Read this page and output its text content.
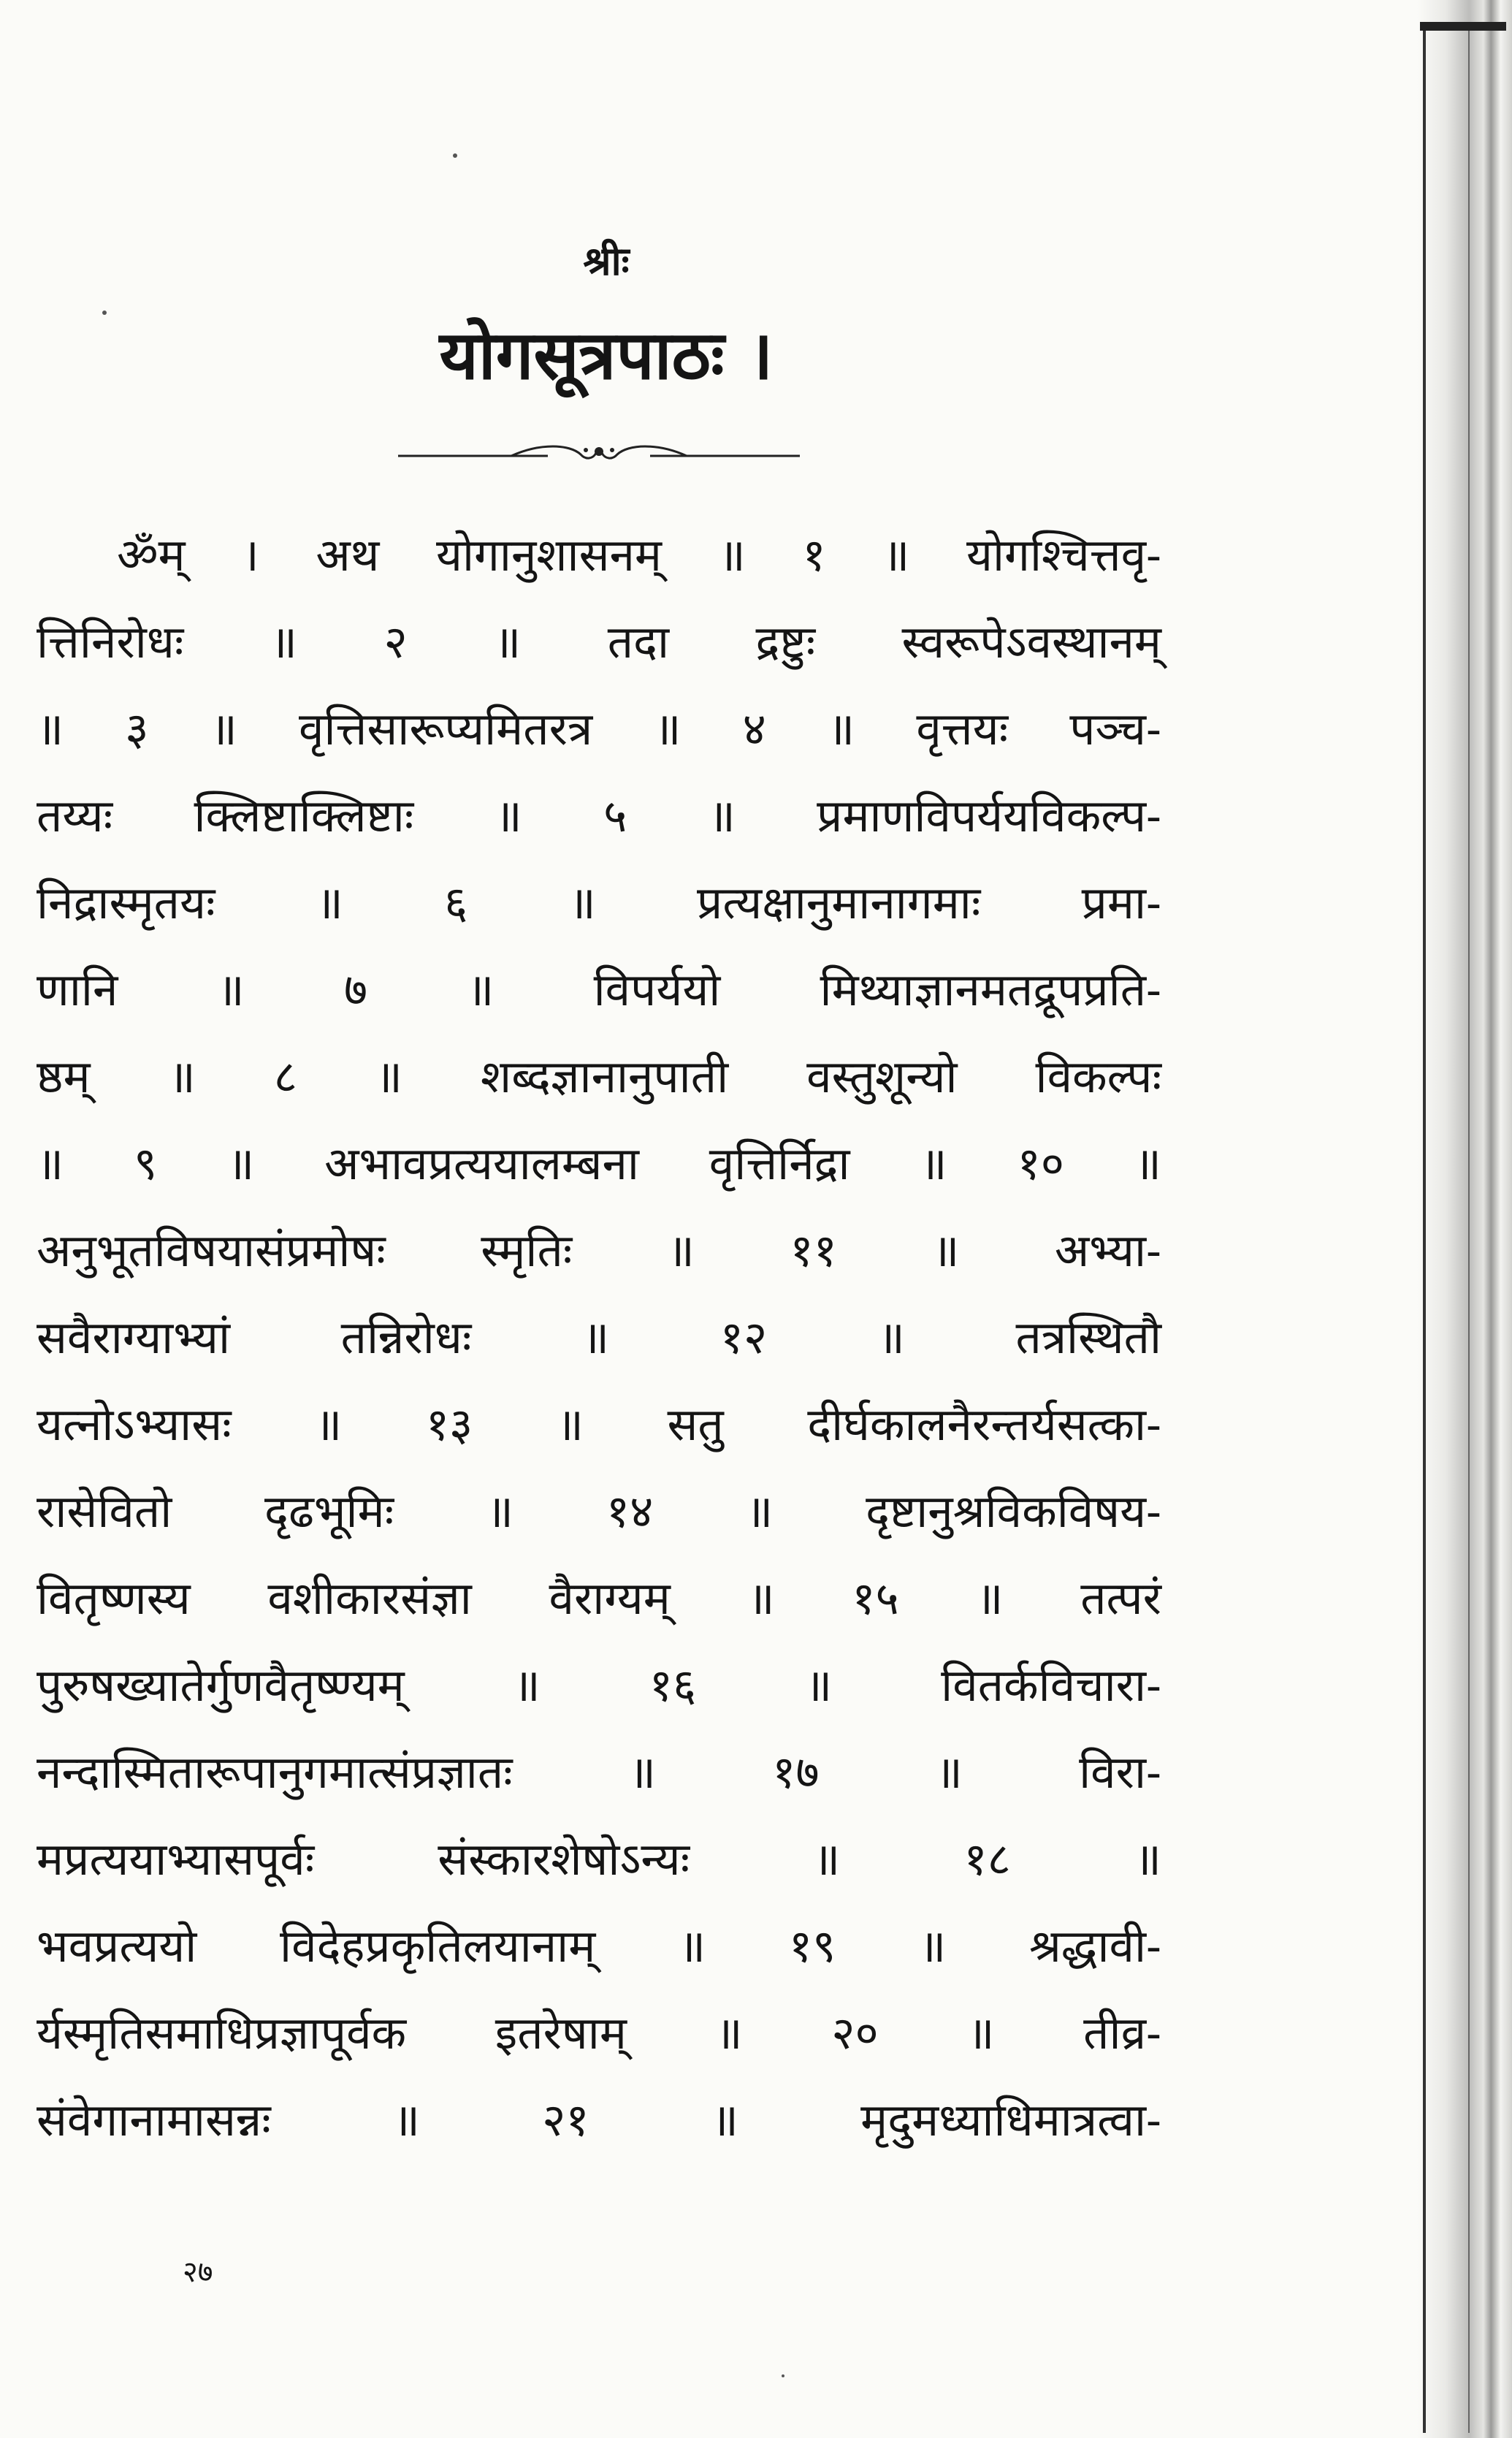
श्रीः
योगसूत्रपाठः ।
ॐम् । अथ योगानुशासनम् ॥ १ ॥ योगश्चित्तवृ-
त्तिनिरोधः ॥ २ ॥ तदा द्रष्टुः स्वरूपेऽवस्थानम्
॥ ३ ॥ वृत्तिसारूप्यमितरत्र ॥ ४ ॥ वृत्तयः पञ्च-
तय्यः क्लिष्टाक्लिष्टाः ॥ ५ ॥ प्रमाणविपर्ययविकल्प-
निद्रास्मृतयः ॥ ६ ॥ प्रत्यक्षानुमानागमाः प्रमा-
णानि ॥ ७ ॥ विपर्ययो मिथ्याज्ञानमतद्रूपप्रति-
ष्ठम् ॥ ८ ॥ शब्दज्ञानानुपाती वस्तुशून्यो विकल्पः
॥ ९ ॥ अभावप्रत्ययालम्बना वृत्तिर्निद्रा ॥ १० ॥
अनुभूतविषयासंप्रमोषः स्मृतिः ॥ ११ ॥ अभ्या-
सवैराग्याभ्यां तन्निरोधः ॥ १२ ॥ तत्रस्थितौ
यत्नोऽभ्यासः ॥ १३ ॥ सतु दीर्घकालनैरन्तर्यसत्का-
रासेवितो दृढभूमिः ॥ १४ ॥ दृष्टानुश्रविकविषय-
वितृष्णस्य वशीकारसंज्ञा वैराग्यम् ॥ १५ ॥ तत्परं
पुरुषख्यातेर्गुणवैतृष्ण्यम् ॥ १६ ॥ वितर्कविचारा-
नन्दास्मितारूपानुगमात्संप्रज्ञातः ॥ १७ ॥ विरा-
मप्रत्ययाभ्यासपूर्वः संस्कारशेषोऽन्यः ॥ १८ ॥
भवप्रत्ययो विदेहप्रकृतिलयानाम् ॥ १९ ॥ श्रद्धावी-
र्यस्मृतिसमाधिप्रज्ञापूर्वक इतरेषाम् ॥ २० ॥ तीव्र-
संवेगानामासन्नः ॥ २१ ॥ मृदुमध्याधिमात्रत्वा-
२७
